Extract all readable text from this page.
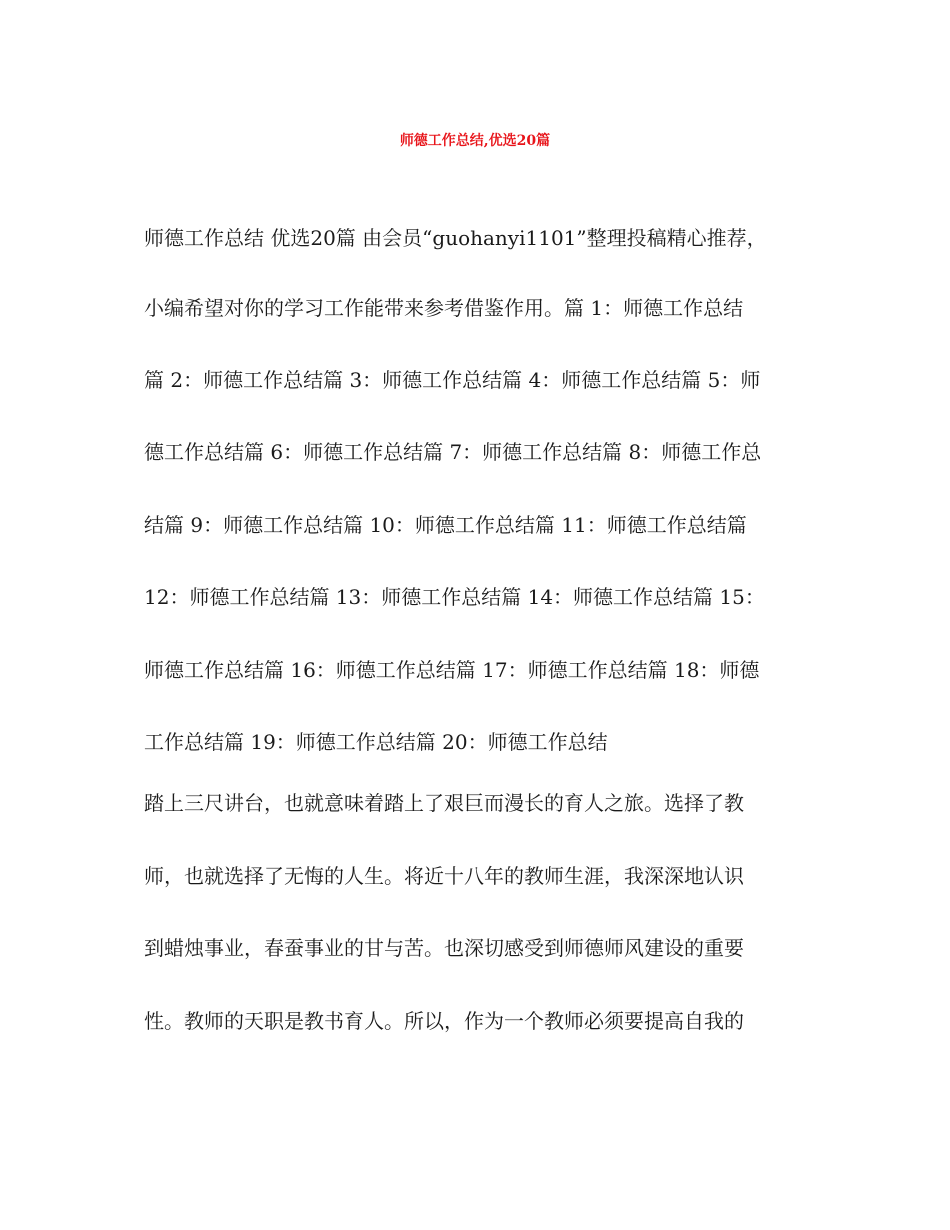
师德工作总结,优选20篇
师德工作总结 优选20篇 由会员“guohanyi1101”整理投稿精心推荐，
小编希望对你的学习工作能带来参考借鉴作用。篇 1：师德工作总结
篇 2：师德工作总结篇 3：师德工作总结篇 4：师德工作总结篇 5：师
德工作总结篇 6：师德工作总结篇 7：师德工作总结篇 8：师德工作总
结篇 9：师德工作总结篇 10：师德工作总结篇 11：师德工作总结篇
12：师德工作总结篇 13：师德工作总结篇 14：师德工作总结篇 15：
师德工作总结篇 16：师德工作总结篇 17：师德工作总结篇 18：师德
工作总结篇 19：师德工作总结篇 20：师德工作总结
踏上三尺讲台，也就意味着踏上了艰巨而漫长的育人之旅。选择了教
师，也就选择了无悔的人生。将近十八年的教师生涯，我深深地认识
到蜡烛事业，春蚕事业的甘与苦。也深切感受到师德师风建设的重要
性。教师的天职是教书育人。所以，作为一个教师必须要提高自我的
